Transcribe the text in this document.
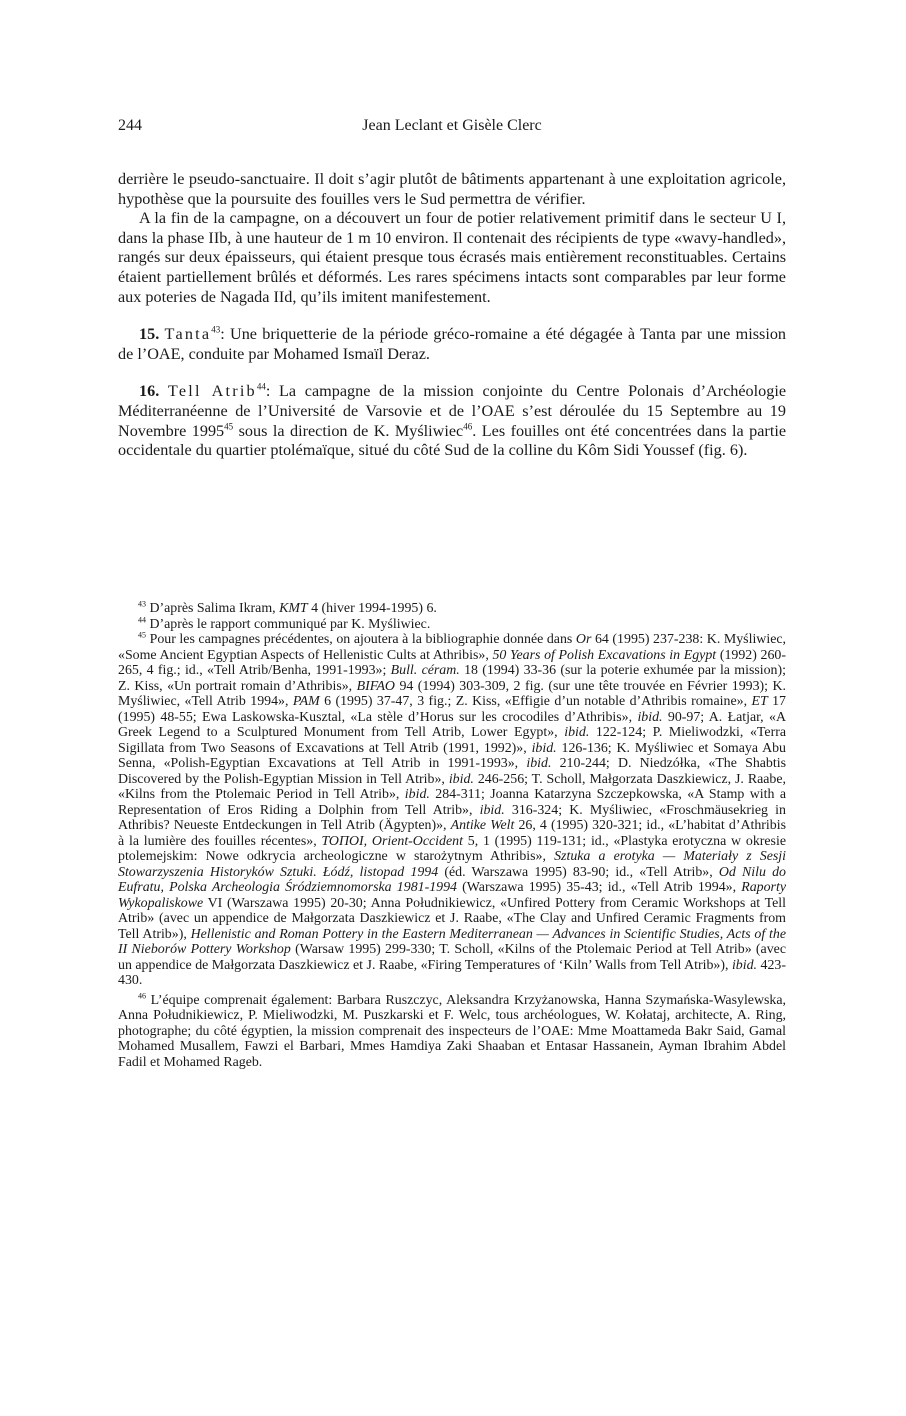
244	Jean Leclant et Gisèle Clerc

derrière le pseudo-sanctuaire. Il doit s’agir plutôt de bâtiments appartenant à une exploitation agricole, hypothèse que la poursuite des fouilles vers le Sud permettra de vérifier.

A la fin de la campagne, on a découvert un four de potier relativement primitif dans le secteur U I, dans la phase IIb, à une hauteur de 1 m 10 environ. Il contenait des récipients de type «wavy-handled», rangés sur deux épaisseurs, qui étaient presque tous écrasés mais entièrement reconstituables. Certains étaient partiellement brûlés et déformés. Les rares spécimens intacts sont comparables par leur forme aux poteries de Nagada IId, qu’ils imitent manifestement.

15. Tanta$^{43}$: Une briquetterie de la période gréco-romaine a été dégagée à Tanta par une mission de l’OAE, conduite par Mohamed Ismaïl Deraz.

16. Tell Atrib$^{44}$: La campagne de la mission conjointe du Centre Polonais d’Archéologie Méditerranéenne de l’Université de Varsovie et de l’OAE s’est déroulée du 15 Septembre au 19 Novembre 1995$^{45}$ sous la direction de K. Myśliwiec$^{46}$. Les fouilles ont été concentrées dans la partie occidentale du quartier ptolémaïque, situé du côté Sud de la colline du Kôm Sidi Youssef (fig. 6).

$^{43}$ D’après Salima Ikram, KMT 4 (hiver 1994-1995) 6.

$^{44}$ D’après le rapport communiqué par K. Myśliwiec.

$^{45}$ Pour les campagnes précédentes, on ajoutera à la bibliographie donnée dans Or 64 (1995) 237-238: K. Myśliwiec, «Some Ancient Egyptian Aspects of Hellenistic Cults at Athribis», 50 Years of Polish Excavations in Egypt (1992) 260-265, 4 fig.; id., «Tell Atrib/Benha, 1991-1993»; Bull. céram. 18 (1994) 33-36 (sur la poterie exhumée par la mission); Z. Kiss, «Un portrait romain d’Athribis», BIFAO 94 (1994) 303-309, 2 fig. (sur une tête trouvée en Février 1993); K. Myśliwiec, «Tell Atrib 1994», PAM 6 (1995) 37-47, 3 fig.; Z. Kiss, «Effigie d’un notable d’Athribis romaine», ET 17 (1995) 48-55; Ewa Laskowska-Kusztal, «La stèle d’Horus sur les crocodiles d’Athribis», ibid. 90-97; A. Łatjar, «A Greek Legend to a Sculptured Monument from Tell Atrib, Lower Egypt», ibid. 122-124; P. Mieliwodzki, «Terra Sigillata from Two Seasons of Excavations at Tell Atrib (1991, 1992)», ibid. 126-136; K. Myśliwiec et Somaya Abu Senna, «Polish-Egyptian Excavations at Tell Atrib in 1991-1993», ibid. 210-244; D. Niedzółka, «The Shabtis Discovered by the Polish-Egyptian Mission in Tell Atrib», ibid. 246-256; T. Scholl, Małgorzata Daszkiewicz, J. Raabe, «Kilns from the Ptolemaic Period in Tell Atrib», ibid. 284-311; Joanna Katarzyna Szczepkowska, «A Stamp with a Representation of Eros Riding a Dolphin from Tell Atrib», ibid. 316-324; K. Myśliwiec, «Froschmäusekrieg in Athribis? Neueste Entdeckungen in Tell Atrib (Ägypten)», Antike Welt 26, 4 (1995) 320-321; id., «L’habitat d’Athribis à la lumière des fouilles récentes», ΤΟΠΟΙ, Orient-Occident 5, 1 (1995) 119-131; id., «Plastyka erotyczna w okresie ptolemejskim: Nowe odkrycia archeologiczne w starożytnym Athribis», Sztuka a erotyka — Materiały z Sesji Stowarzyszenia Historyków Sztuki. Łódź, listopad 1994 (éd. Warszawa 1995) 83-90; id., «Tell Atrib», Od Nilu do Eufratu, Polska Archeologia Śródziemnomorska 1981-1994 (Warszawa 1995) 35-43; id., «Tell Atrib 1994», Raporty Wykopaliskowe VI (Warszawa 1995) 20-30; Anna Południkiewicz, «Unfired Pottery from Ceramic Workshops at Tell Atrib» (avec un appendice de Małgorzata Daszkiewicz et J. Raabe, «The Clay and Unfired Ceramic Fragments from Tell Atrib»), Hellenistic and Roman Pottery in the Eastern Mediterranean — Advances in Scientific Studies, Acts of the II Nieborów Pottery Workshop (Warsaw 1995) 299-330; T. Scholl, «Kilns of the Ptolemaic Period at Tell Atrib» (avec un appendice de Małgorzata Daszkiewicz et J. Raabe, «Firing Temperatures of ‘Kiln’ Walls from Tell Atrib»), ibid. 423-430.

$^{46}$ L’équipe comprenait également: Barbara Ruszczyc, Aleksandra Krzyżanowska, Hanna Szymańska-Wasylewska, Anna Południkiewicz, P. Mieliwodzki, M. Puszkarski et F. Welc, tous archéologues, W. Kołataj, architecte, A. Ring, photographe; du côté égyptien, la mission comprenait des inspecteurs de l’OAE: Mme Moattameda Bakr Said, Gamal Mohamed Musallem, Fawzi el Barbari, Mmes Hamdiya Zaki Shaaban et Entasar Hassanein, Ayman Ibrahim Abdel Fadil et Mohamed Rageb.
